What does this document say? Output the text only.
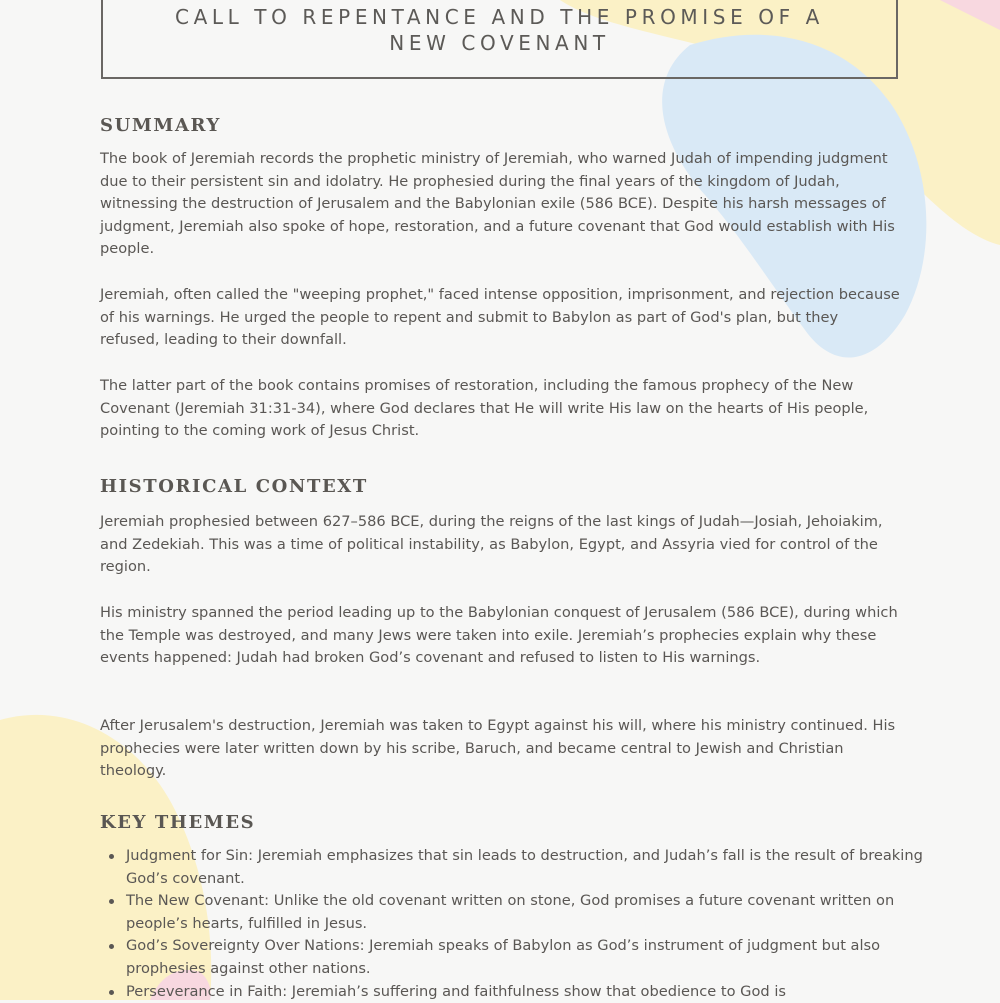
CALL TO REPENTANCE AND THE PROMISE OF A
NEW COVENANT
SUMMARY

The book of Jeremiah records the prophetic ministry of Jeremiah, who warned Judah of impending judgment due to their persistent sin and idolatry. He prophesied during the final years of the kingdom of Judah, witnessing the destruction of Jerusalem and the Babylonian exile (586 BCE). Despite his harsh messages of judgment, Jeremiah also spoke of hope, restoration, and a future covenant that God would establish with His people.

Jeremiah, often called the "weeping prophet," faced intense opposition, imprisonment, and rejection because of his warnings. He urged the people to repent and submit to Babylon as part of God's plan, but they refused, leading to their downfall.

The latter part of the book contains promises of restoration, including the famous prophecy of the New Covenant (Jeremiah 31:31-34), where God declares that He will write His law on the hearts of His people, pointing to the coming work of Jesus Christ.

HISTORICAL CONTEXT

Jeremiah prophesied between 627–586 BCE, during the reigns of the last kings of Judah—Josiah, Jehoiakim, and Zedekiah. This was a time of political instability, as Babylon, Egypt, and Assyria vied for control of the region.

His ministry spanned the period leading up to the Babylonian conquest of Jerusalem (586 BCE), during which the Temple was destroyed, and many Jews were taken into exile. Jeremiah’s prophecies explain why these events happened: Judah had broken God’s covenant and refused to listen to His warnings.

After Jerusalem's destruction, Jeremiah was taken to Egypt against his will, where his ministry continued. His prophecies were later written down by his scribe, Baruch, and became central to Jewish and Christian theology.

KEY THEMES
Judgment for Sin: Jeremiah emphasizes that sin leads to destruction, and Judah’s fall is the result of breaking God’s covenant.
The New Covenant: Unlike the old covenant written on stone, God promises a future covenant written on people’s hearts, fulfilled in Jesus.
God’s Sovereignty Over Nations: Jeremiah speaks of Babylon as God’s instrument of judgment but also prophesies against other nations.
Perseverance in Faith: Jeremiah’s suffering and faithfulness show that obedience to God is
